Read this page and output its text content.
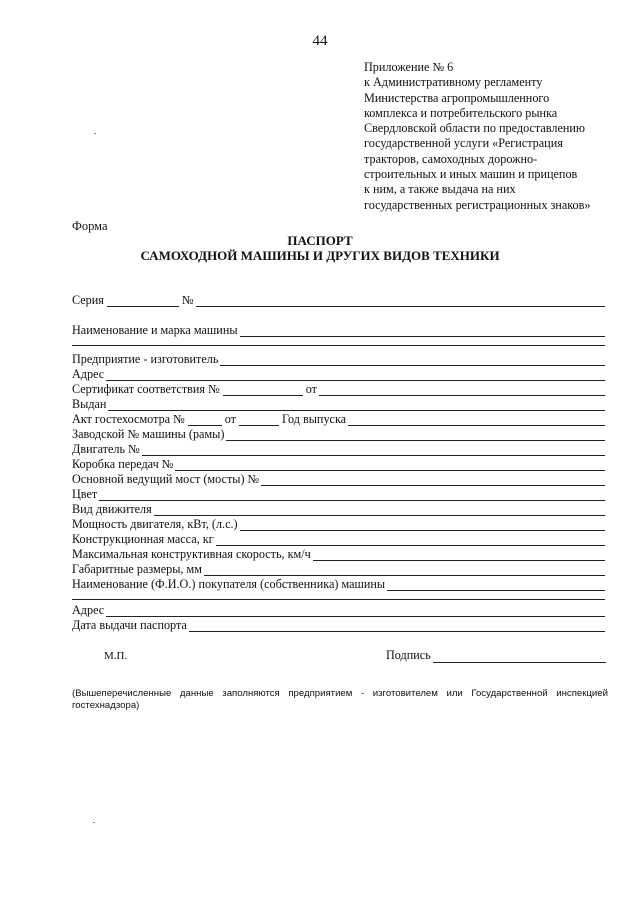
44
Приложение № 6
к Административному регламенту
Министерства агропромышленного
комплекса и потребительского рынка
Свердловской области по предоставлению
государственной услуги «Регистрация
тракторов, самоходных дорожно-
строительных и иных машин и прицепов
к ним, а также выдача на них
государственных регистрационных знаков»
Форма
ПАСПОРТ
САМОХОДНОЙ МАШИНЫ И ДРУГИХ ВИДОВ ТЕХНИКИ
Серия	№
Наименование и марка машины
Предприятие - изготовитель
Адрес
Сертификат соответствия №	от
Выдан
Акт гостехосмотра №	от	Год выпуска
Заводской № машины (рамы)
Двигатель №
Коробка передач №
Основной ведущий мост (мосты) №
Цвет
Вид движителя
Мощность двигателя, кВт, (л.с.)
Конструкционная масса, кг
Максимальная конструктивная скорость, км/ч
Габаритные размеры, мм
Наименование (Ф.И.О.) покупателя (собственника) машины
Адрес
Дата выдачи паспорта
М.П.	Подпись
(Вышеперечисленные данные заполняются предприятием - изготовителем или Государственной инспекцией гостехнадзора)
